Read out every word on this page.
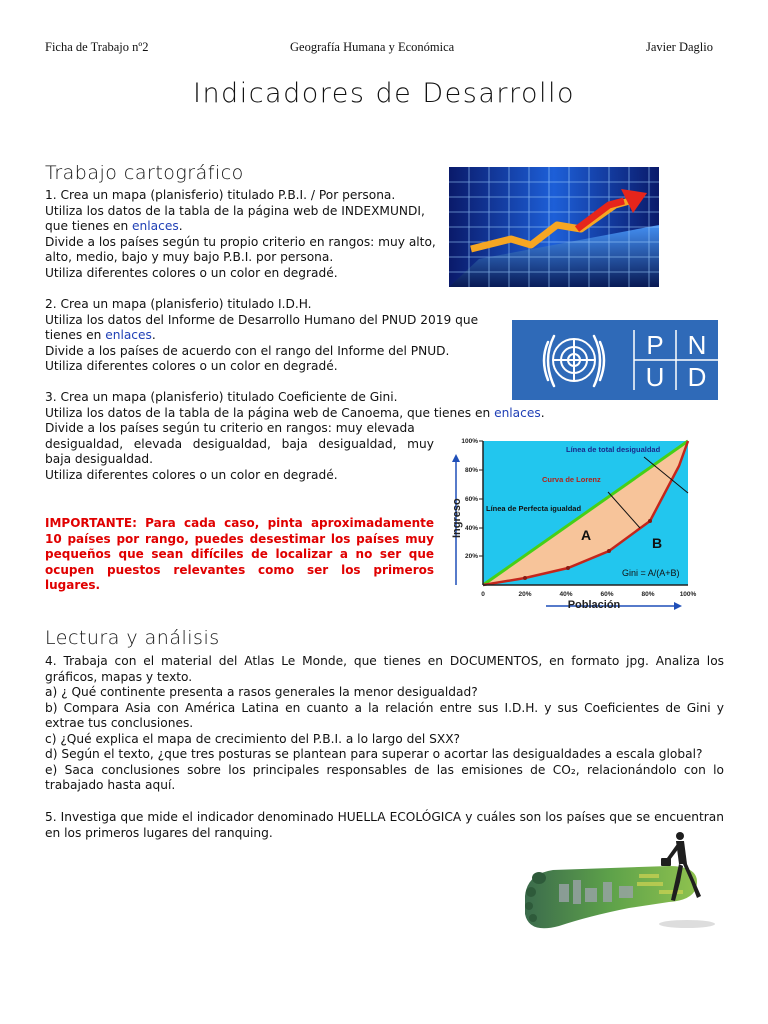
Ficha de Trabajo nº2	Geografía Humana y Económica	Javier Daglio
Indicadores de Desarrollo
Trabajo cartográfico
1. Crea un mapa (planisferio) titulado P.B.I. / Por persona.
Utiliza los datos de la tabla de la página web de INDEXMUNDI,
que tienes en enlaces.
Divide a los países según tu propio criterio en rangos: muy alto,
alto, medio, bajo y muy bajo P.B.I. por persona.
Utiliza diferentes colores o un color en degradé.
2. Crea un mapa (planisferio) titulado I.D.H.
Utiliza los datos del Informe de Desarrollo Humano del PNUD 2019 que
tienes en enlaces.
Divide a los países de acuerdo con el rango del Informe del PNUD.
Utiliza diferentes colores o un color en degradé.
P N
U D
3. Crea un mapa (planisferio) titulado Coeficiente de Gini.
Utiliza los datos de la tabla de la página web de Canoema, que tienes en enlaces.
Divide a los países según tu criterio en rangos: muy elevada
desigualdad, elevada desigualdad, baja desigualdad, muy
baja desigualdad.
Utiliza diferentes colores o un color en degradé.
IMPORTANTE: Para cada caso, pinta aproximadamente 10 países por rango, puedes desestimar los países muy pequeños que sean difíciles de localizar a no ser que ocupen puestos relevantes como ser los primeros lugares.
100%
80%
60%
40%
20%
0	20%	40%	60%	80%	100%
Ingreso
Población
Línea de total desigualdad
Curva de Lorenz
Línea de Perfecta igualdad
A	B
Gini = A/(A+B)
Lectura y análisis
4. Trabaja con el material del Atlas Le Monde, que tienes en DOCUMENTOS, en formato jpg. Analiza los gráficos, mapas y texto.
a) ¿ Qué continente presenta a rasos generales la menor desigualdad?
b) Compara Asia con América Latina en cuanto a la relación entre sus I.D.H. y sus Coeficientes de Gini y extrae tus conclusiones.
c) ¿Qué explica el mapa de crecimiento del P.B.I. a lo largo del SXX?
d) Según el texto, ¿que tres posturas se plantean para superar o acortar las desigualdades a escala global?
e) Saca conclusiones sobre los principales responsables de las emisiones de CO₂, relacionándolo con lo trabajado hasta aquí.
5. Investiga que mide el indicador denominado HUELLA ECOLÓGICA y cuáles son los países que se encuentran en los primeros lugares del ranquing.
